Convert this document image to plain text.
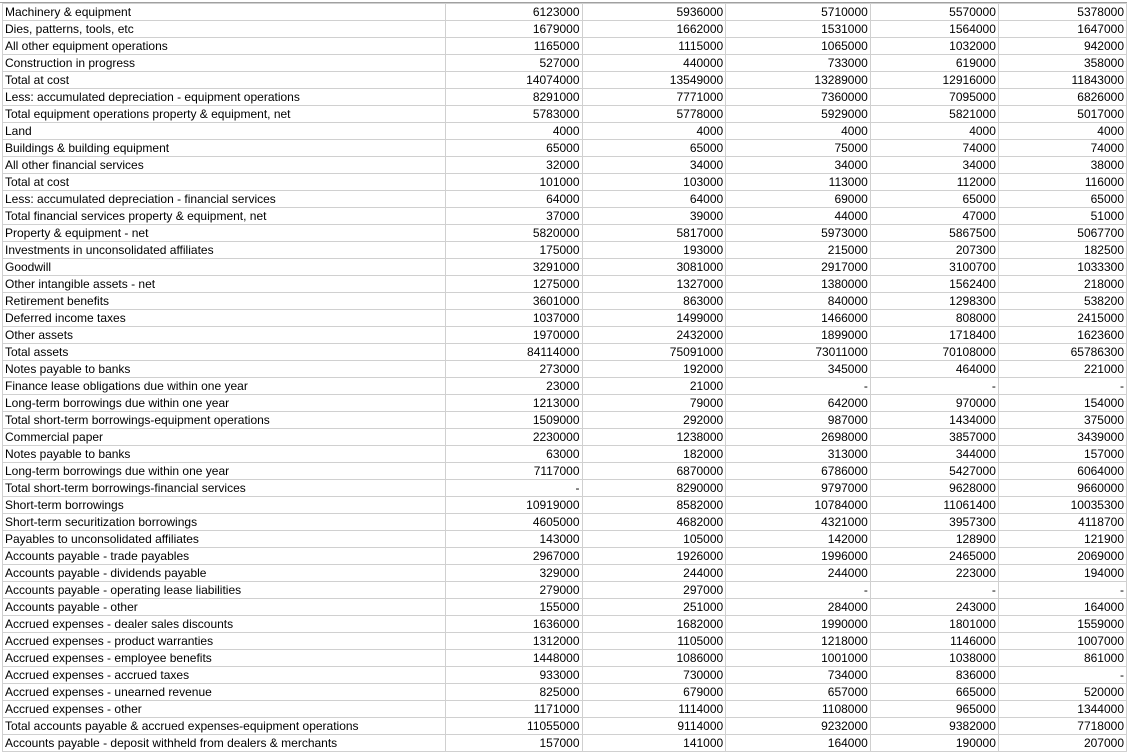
Machinery & equipment	6123000	5936000	5710000	5570000	5378000
Dies, patterns, tools, etc	1679000	1662000	1531000	1564000	1647000
All other equipment operations	1165000	1115000	1065000	1032000	942000
Construction in progress	527000	440000	733000	619000	358000
Total at cost	14074000	13549000	13289000	12916000	11843000
Less: accumulated depreciation - equipment operations	8291000	7771000	7360000	7095000	6826000
Total equipment operations property & equipment, net	5783000	5778000	5929000	5821000	5017000
Land	4000	4000	4000	4000	4000
Buildings & building equipment	65000	65000	75000	74000	74000
All other financial services	32000	34000	34000	34000	38000
Total at cost	101000	103000	113000	112000	116000
Less: accumulated depreciation - financial services	64000	64000	69000	65000	65000
Total financial services property & equipment, net	37000	39000	44000	47000	51000
Property & equipment - net	5820000	5817000	5973000	5867500	5067700
Investments in unconsolidated affiliates	175000	193000	215000	207300	182500
Goodwill	3291000	3081000	2917000	3100700	1033300
Other intangible assets - net	1275000	1327000	1380000	1562400	218000
Retirement benefits	3601000	863000	840000	1298300	538200
Deferred income taxes	1037000	1499000	1466000	808000	2415000
Other assets	1970000	2432000	1899000	1718400	1623600
Total assets	84114000	75091000	73011000	70108000	65786300
Notes payable to banks	273000	192000	345000	464000	221000
Finance lease obligations due within one year	23000	21000	-	-	-
Long-term borrowings due within one year	1213000	79000	642000	970000	154000
Total short-term borrowings-equipment operations	1509000	292000	987000	1434000	375000
Commercial paper	2230000	1238000	2698000	3857000	3439000
Notes payable to banks	63000	182000	313000	344000	157000
Long-term borrowings due within one year	7117000	6870000	6786000	5427000	6064000
Total short-term borrowings-financial services	-	8290000	9797000	9628000	9660000
Short-term borrowings	10919000	8582000	10784000	11061400	10035300
Short-term securitization borrowings	4605000	4682000	4321000	3957300	4118700
Payables to unconsolidated affiliates	143000	105000	142000	128900	121900
Accounts payable - trade payables	2967000	1926000	1996000	2465000	2069000
Accounts payable - dividends payable	329000	244000	244000	223000	194000
Accounts payable - operating lease liabilities	279000	297000	-	-	-
Accounts payable - other	155000	251000	284000	243000	164000
Accrued expenses - dealer sales discounts	1636000	1682000	1990000	1801000	1559000
Accrued expenses - product warranties	1312000	1105000	1218000	1146000	1007000
Accrued expenses - employee benefits	1448000	1086000	1001000	1038000	861000
Accrued expenses - accrued taxes	933000	730000	734000	836000	-
Accrued expenses - unearned revenue	825000	679000	657000	665000	520000
Accrued expenses - other	1171000	1114000	1108000	965000	1344000
Total accounts payable & accrued expenses-equipment operations	11055000	9114000	9232000	9382000	7718000
Accounts payable - deposit withheld from dealers & merchants	157000	141000	164000	190000	207000
